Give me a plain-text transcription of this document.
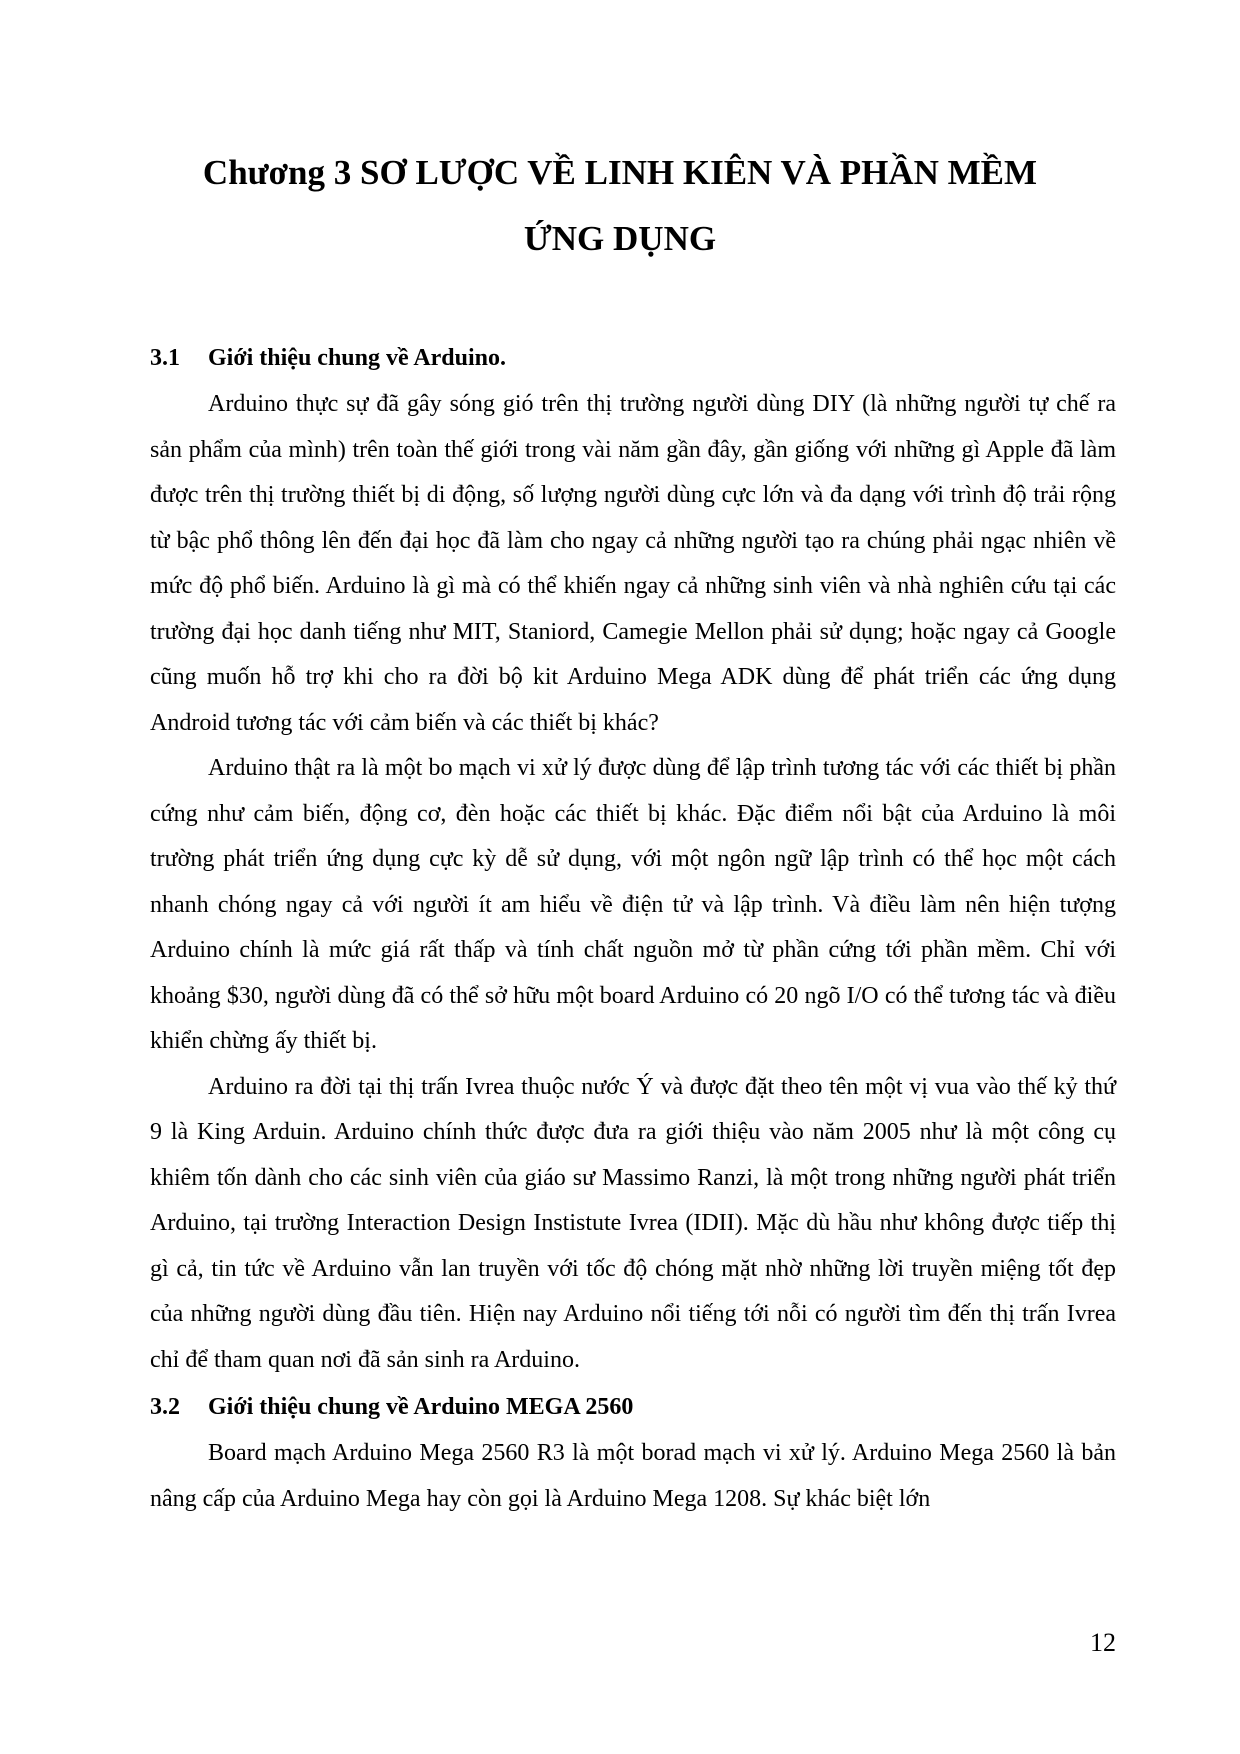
Chương 3 SƠ LƯỢC VỀ LINH KIÊN VÀ PHẦN MỀM
ỨNG DỤNG
3.1 Giới thiệu chung về Arduino.

Arduino thực sự đã gây sóng gió trên thị trường người dùng DIY (là những người tự chế ra sản phẩm của mình) trên toàn thế giới trong vài năm gần đây, gần giống với những gì Apple đã làm được trên thị trường thiết bị di động, số lượng người dùng cực lớn và đa dạng với trình độ trải rộng từ bậc phổ thông lên đến đại học đã làm cho ngay cả những người tạo ra chúng phải ngạc nhiên về mức độ phổ biến. Arduino là gì mà có thể khiến ngay cả những sinh viên và nhà nghiên cứu tại các trường đại học danh tiếng như MIT, Staniord, Camegie Mellon phải sử dụng; hoặc ngay cả Google cũng muốn hỗ trợ khi cho ra đời bộ kit Arduino Mega ADK dùng để phát triển các ứng dụng Android tương tác với cảm biến và các thiết bị khác?

Arduino thật ra là một bo mạch vi xử lý được dùng để lập trình tương tác với các thiết bị phần cứng như cảm biến, động cơ, đèn hoặc các thiết bị khác. Đặc điểm nổi bật của Arduino là môi trường phát triển ứng dụng cực kỳ dễ sử dụng, với một ngôn ngữ lập trình có thể học một cách nhanh chóng ngay cả với người ít am hiểu về điện tử và lập trình. Và điều làm nên hiện tượng Arduino chính là mức giá rất thấp và tính chất nguồn mở từ phần cứng tới phần mềm. Chỉ với khoảng $30, người dùng đã có thể sở hữu một board Arduino có 20 ngõ I/O có thể tương tác và điều khiển chừng ấy thiết bị.

Arduino ra đời tại thị trấn Ivrea thuộc nước Ý và được đặt theo tên một vị vua vào thế kỷ thứ 9 là King Arduin. Arduino chính thức được đưa ra giới thiệu vào năm 2005 như là một công cụ khiêm tốn dành cho các sinh viên của giáo sư Massimo Ranzi, là một trong những người phát triển Arduino, tại trường Interaction Design Instistute Ivrea (IDII). Mặc dù hầu như không được tiếp thị gì cả, tin tức về Arduino vẫn lan truyền với tốc độ chóng mặt nhờ những lời truyền miệng tốt đẹp của những người dùng đầu tiên. Hiện nay Arduino nổi tiếng tới nỗi có người tìm đến thị trấn Ivrea chỉ để tham quan nơi đã sản sinh ra Arduino.

3.2 Giới thiệu chung về Arduino MEGA 2560

Board mạch Arduino Mega 2560 R3 là một borad mạch vi xử lý. Arduino Mega 2560 là bản nâng cấp của Arduino Mega hay còn gọi là Arduino Mega 1208. Sự khác biệt lớn

12
